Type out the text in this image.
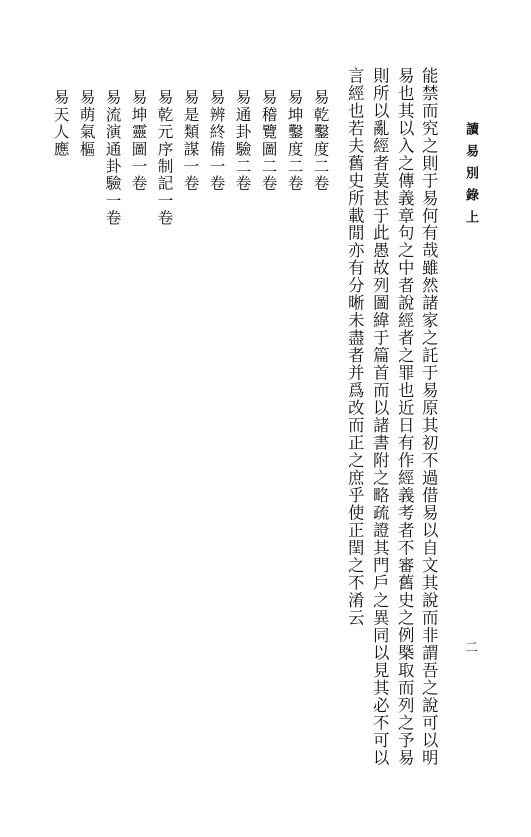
讀易別錄上
二
能禁而究之則于易何有哉雖然諸家之託于易原其初不過借易以自文其說而非謂吾之說可以明
易也其以入之傳義章句之中者說經者之罪也近日有作經義考者不審舊史之例槩取而列之予易
則所以亂經者莫甚于此愚故列圖緯于篇首而以諸書附之略疏證其門戶之異同以見其必不可以
言經也若夫舊史所載閒亦有分晰未盡者并爲改而正之庶乎使正閏之不淆云
易乾鑿度二卷
易坤鑿度二卷
易稽覽圖二卷
易通卦驗二卷
易辨終備一卷
易是類謀一卷
易乾元序制記一卷
易坤靈圖一卷
易流演通卦驗一卷
易萌氣樞
易天人應
